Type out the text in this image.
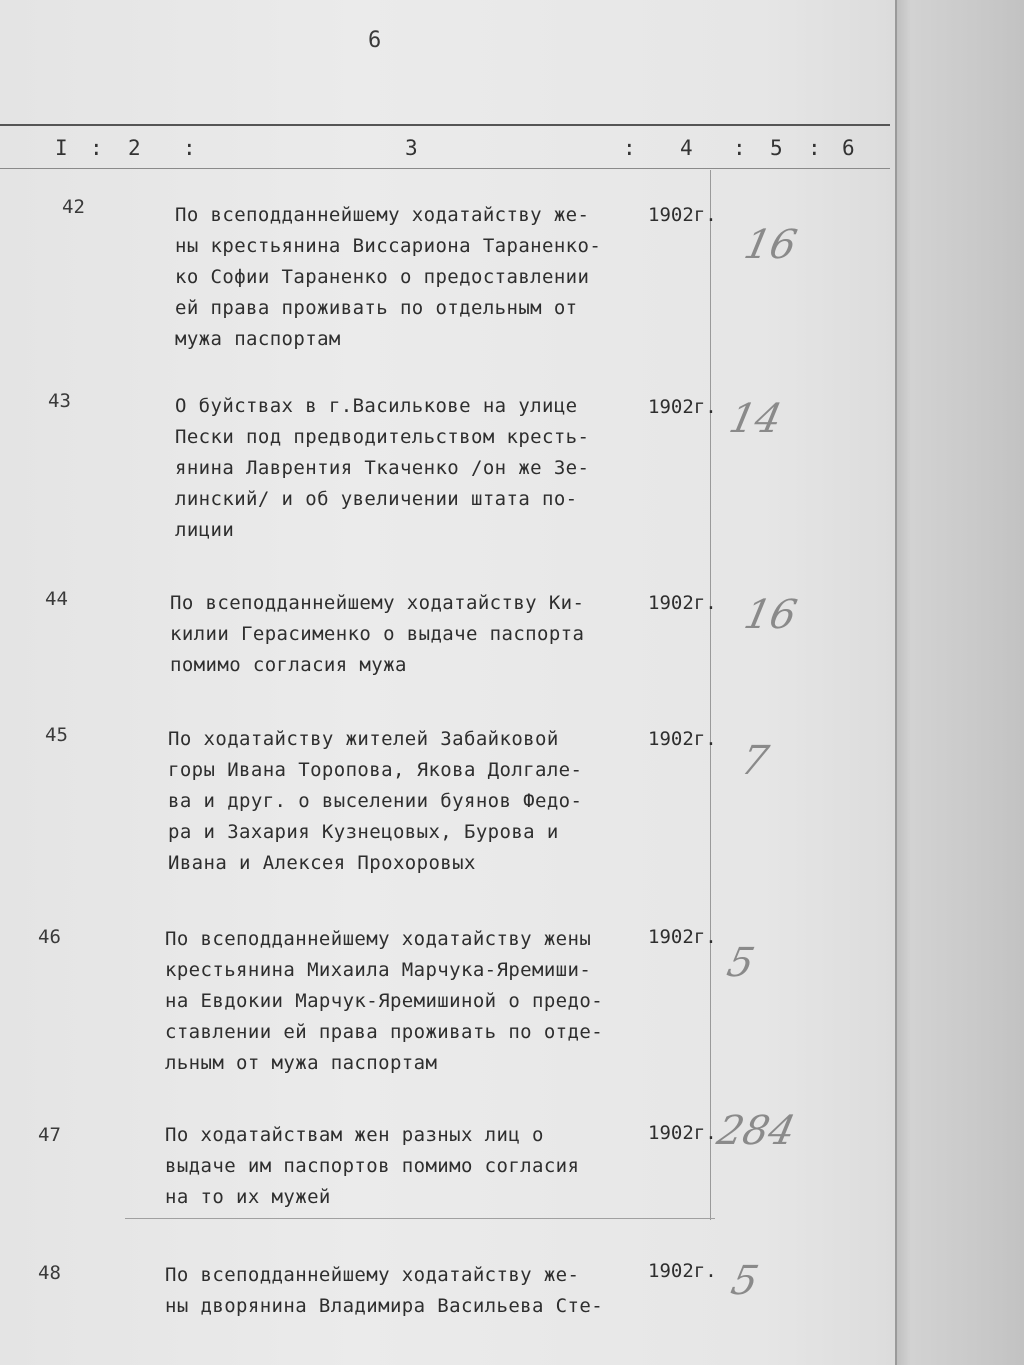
6
I : 2 :	3	: 4 : 5 : 6
42	По всеподданнейшему ходатайству же-
ны крестьянина Виссариона Тараненко-
ко Софии Тараненко о предоставлении
ей права проживать по отдельным от
мужа паспортам
1902г.
16
43	О буйствах в г.Василькове на улице
Пески под предводительством кресть-
янина Лаврентия Ткаченко /он же Зе-
линский/ и об увеличении штата по-
лиции
1902г. 14
44	По всеподданнейшему ходатайству Ки-
килии Герасименко о выдаче паспорта
помимо согласия мужа
1902г. 16
45	По ходатайству жителей Забайковой
горы Ивана Торопова, Якова Долгале-
ва и друг. о выселении буянов Федо-
ра и Захария Кузнецовых, Бурова и
Ивана и Алексея Прохоровых
1902г. 7
46	По всеподданнейшему ходатайству жены
крестьянина Михаила Марчука-Яремиши-
на Евдокии Марчук-Яремишиной о предо-
ставлении ей права проживать по отде-
льным от мужа паспортам
1902г.
5
47	По ходатайствам жен разных лиц о
выдаче им паспортов помимо согласия
на то их мужей
1902г.
284
48	По всеподданнейшему ходатайству же-
ны дворянина Владимира Васильева Сте-
1902г. 5
